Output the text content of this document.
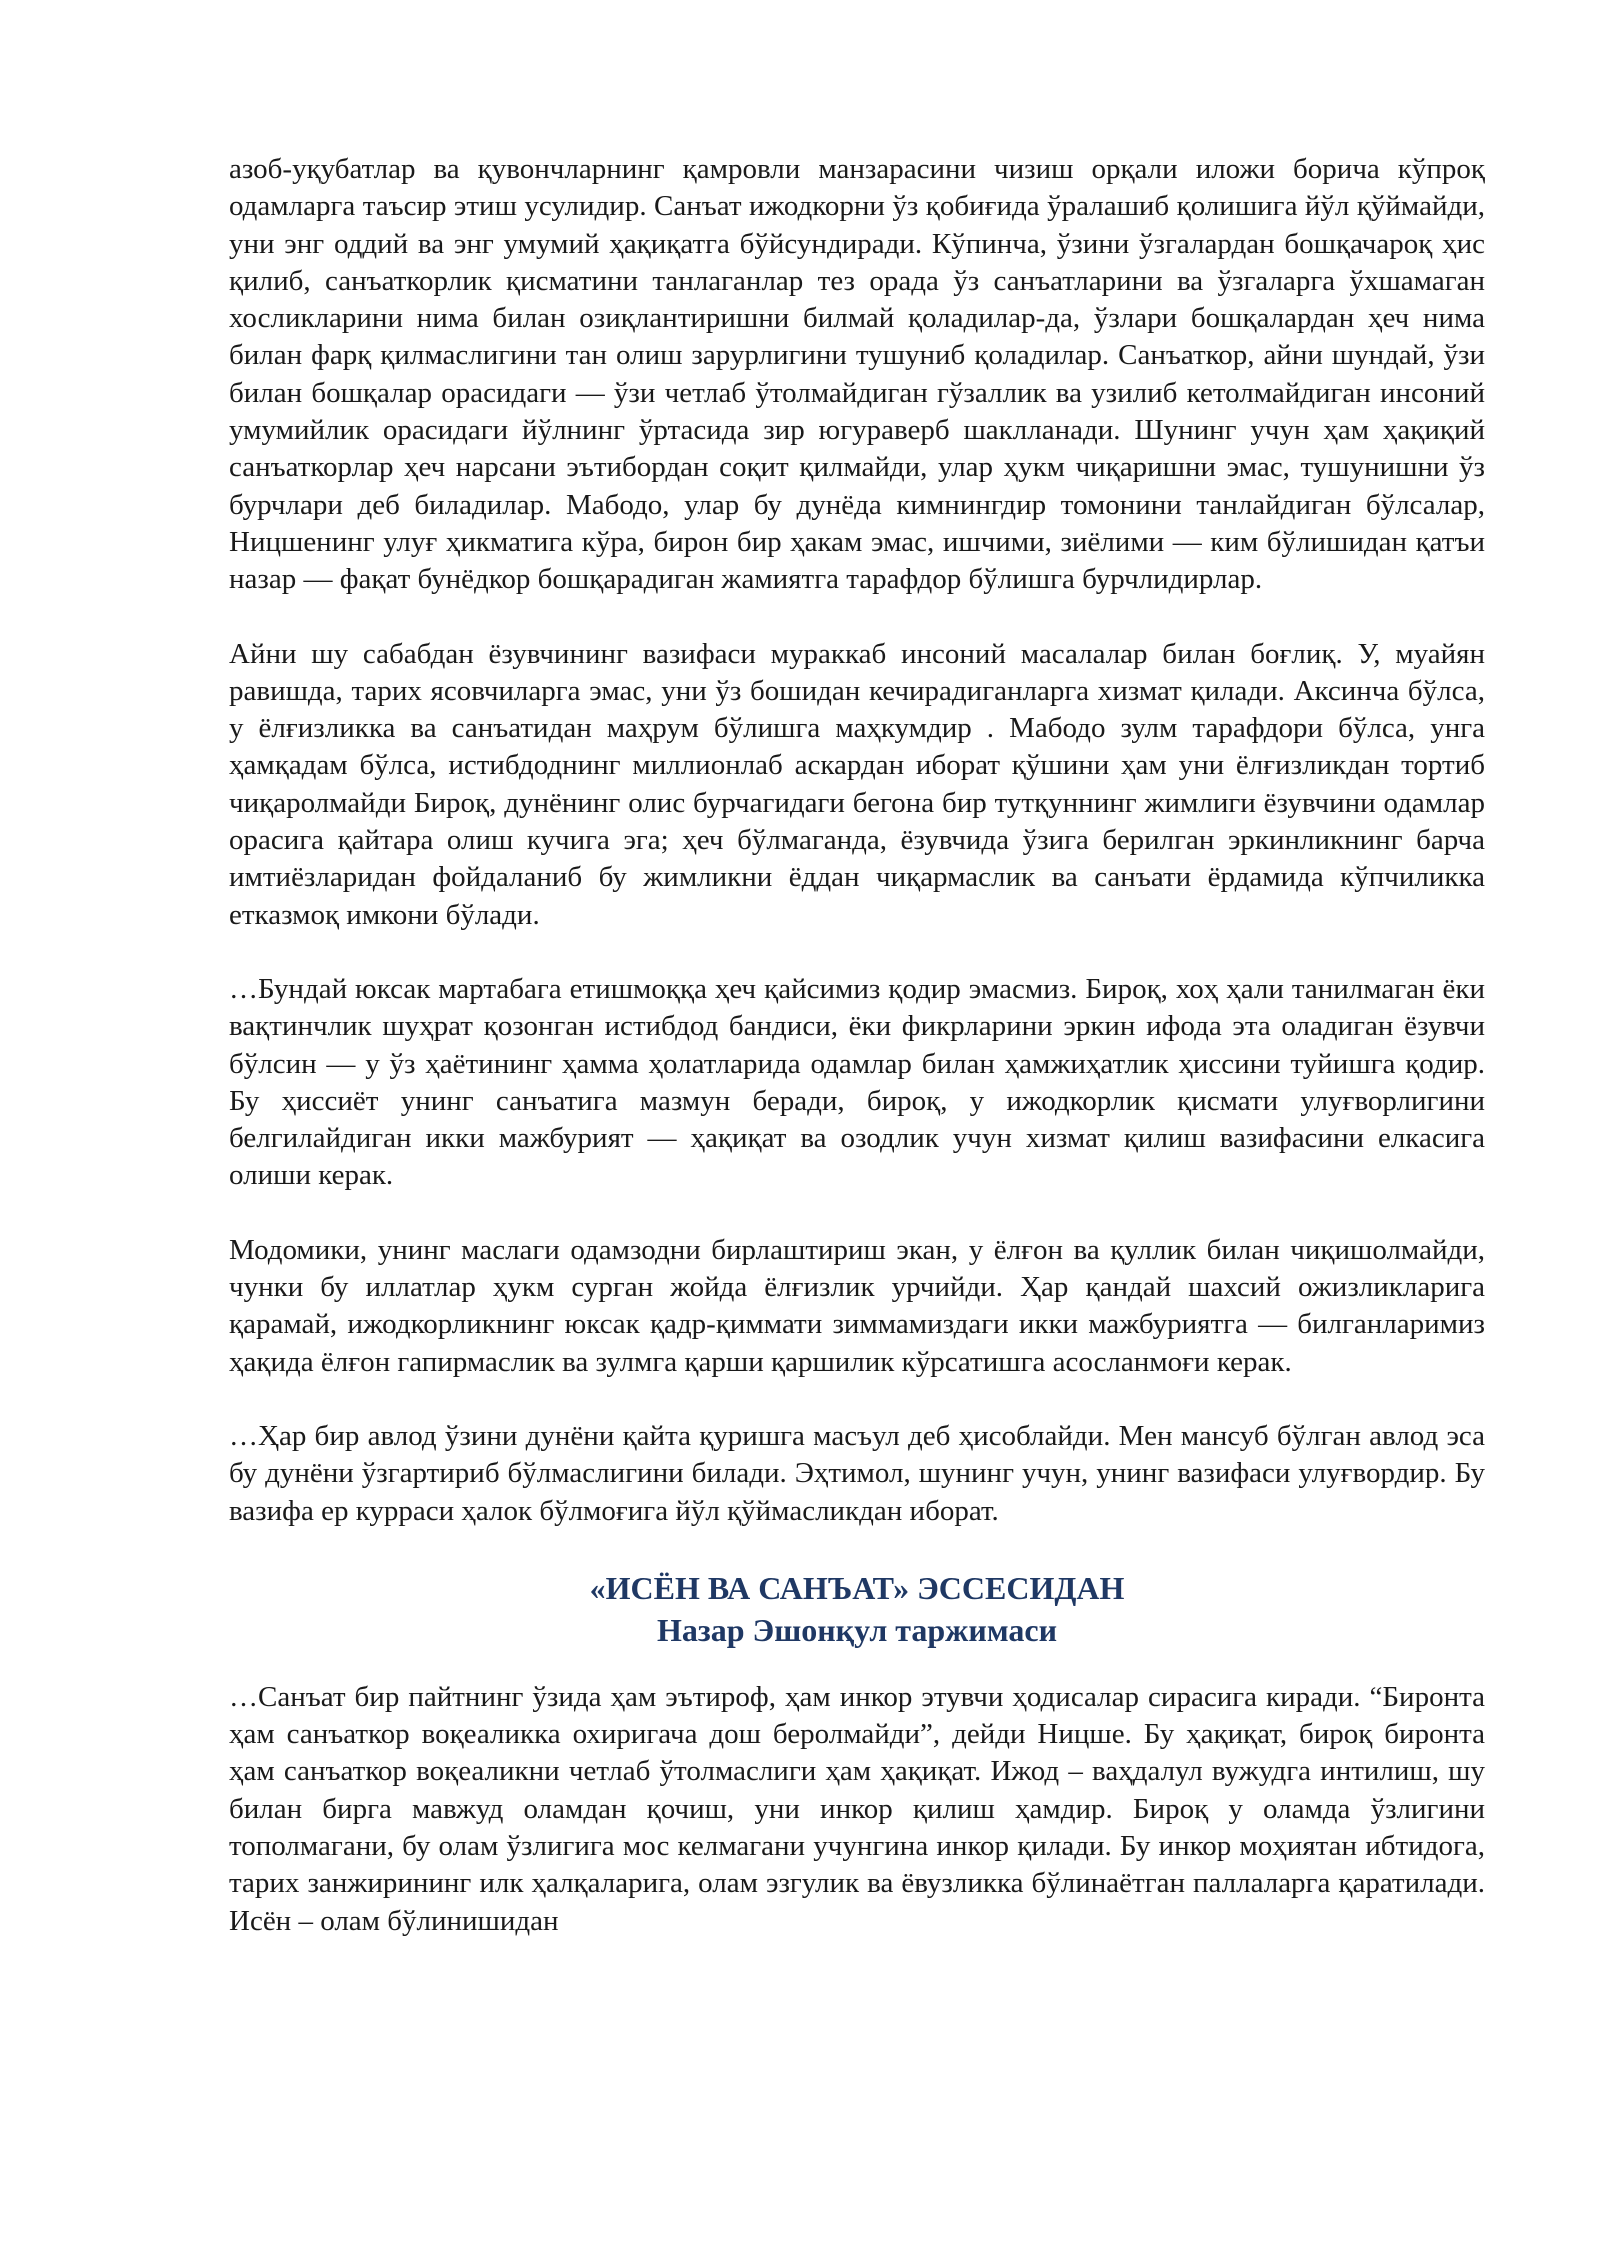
азоб-уқубатлар ва қувончларнинг қамровли манзарасини чизиш орқали иложи борича кўпроқ одамларга таъсир этиш усулидир. Санъат ижодкорни ўз қобиғида ўралашиб қолишига йўл қўймайди, уни энг оддий ва энг умумий ҳақиқатга бўйсундиради. Кўпинча, ўзини ўзгалардан бошқачароқ ҳис қилиб, санъаткорлик қисматини танлаганлар тез орада ўз санъатларини ва ўзгаларга ўхшамаган хосликларини нима билан озиқлантиришни билмай қоладилар-да, ўзлари бошқалардан ҳеч нима билан фарқ қилмаслигини тан олиш зарурлигини тушуниб қоладилар. Санъаткор, айни шундай, ўзи билан бошқалар орасидаги — ўзи четлаб ўтолмайдиган гўзаллик ва узилиб кетолмайдиган инсоний умумийлик орасидаги йўлнинг ўртасида зир югураверб шаклланади. Шунинг учун ҳам ҳақиқий санъаткорлар ҳеч нарсани эътибордан соқит қилмайди, улар ҳукм чиқаришни эмас, тушунишни ўз бурчлари деб биладилар. Мабодо, улар бу дунёда кимнингдир томонини танлайдиган бўлсалар, Ницшенинг улуғ ҳикматига кўра, бирон бир ҳакам эмас, ишчими, зиёлими — ким бўлишидан қатъи назар — фақат бунёдкор бошқарадиган жамиятга тарафдор бўлишга бурчлидирлар.

Айни шу сабабдан ёзувчининг вазифаси мураккаб инсоний масалалар билан боғлиқ. У, муайян равишда, тарих ясовчиларга эмас, уни ўз бошидан кечирадиганларга хизмат қилади. Аксинча бўлса, у ёлғизликка ва санъатидан маҳрум бўлишга маҳкумдир . Мабодо зулм тарафдори бўлса, унга ҳамқадам бўлса, истибдоднинг миллионлаб аскардан иборат қўшини ҳам уни ёлғизликдан тортиб чиқаролмайди Бироқ, дунёнинг олис бурчагидаги бегона бир тутқуннинг жимлиги ёзувчини одамлар орасига қайтара олиш кучига эга; ҳеч бўлмаганда, ёзувчида ўзига берилган эркинликнинг барча имтиёзларидан фойдаланиб бу жимликни ёддан чиқармаслик ва санъати ёрдамида кўпчиликка етказмоқ имкони бўлади.

…Бундай юксак мартабага етишмоққа ҳеч қайсимиз қодир эмасмиз. Бироқ, хоҳ ҳали танилмаган ёки вақтинчлик шуҳрат қозонган истибдод бандиси, ёки фикрларини эркин ифода эта оладиган ёзувчи бўлсин — у ўз ҳаётининг ҳамма ҳолатларида одамлар билан ҳамжиҳатлик ҳиссини туйишга қодир. Бу ҳиссиёт унинг санъатига мазмун беради, бироқ, у ижодкорлик қисмати улуғворлигини белгилайдиган икки мажбурият — ҳақиқат ва озодлик учун хизмат қилиш вазифасини елкасига олиши керак.

Модомики, унинг маслаги одамзодни бирлаштириш экан, у ёлғон ва қуллик билан чиқишолмайди, чунки бу иллатлар ҳукм сурган жойда ёлғизлик урчийди. Ҳар қандай шахсий ожизликларига қарамай, ижодкорликнинг юксак қадр-қиммати зиммамиздаги икки мажбуриятга — билганларимиз ҳақида ёлғон гапирмаслик ва зулмга қарши қаршилик кўрсатишга асосланмоғи керак.

…Ҳар бир авлод ўзини дунёни қайта қуришга масъул деб ҳисоблайди. Мен мансуб бўлган авлод эса бу дунёни ўзгартириб бўлмаслигини билади. Эҳтимол, шунинг учун, унинг вазифаси улуғвордир. Бу вазифа ер курраси ҳалок бўлмоғига йўл қўймасликдан иборат.

«ИСЁН ВА САНЪАТ» ЭССЕСИДАН
Назар Эшонқул таржимаси

…Санъат бир пайтнинг ўзида ҳам эътироф, ҳам инкор этувчи ҳодисалар сирасига киради. “Биронта ҳам санъаткор воқеаликка охиригача дош беролмайди”, дейди Ницше. Бу ҳақиқат, бироқ биронта ҳам санъаткор воқеаликни четлаб ўтолмаслиги ҳам ҳақиқат. Ижод – ваҳдалул вужудга интилиш, шу билан бирга мавжуд оламдан қочиш, уни инкор қилиш ҳамдир. Бироқ у оламда ўзлигини тополмагани, бу олам ўзлигига мос келмагани учунгина инкор қилади. Бу инкор моҳиятан ибтидога, тарих занжирининг илк ҳалқаларига, олам эзгулик ва ёвузликка бўлинаётган паллаларга қаратилади. Исён – олам бўлинишидан
